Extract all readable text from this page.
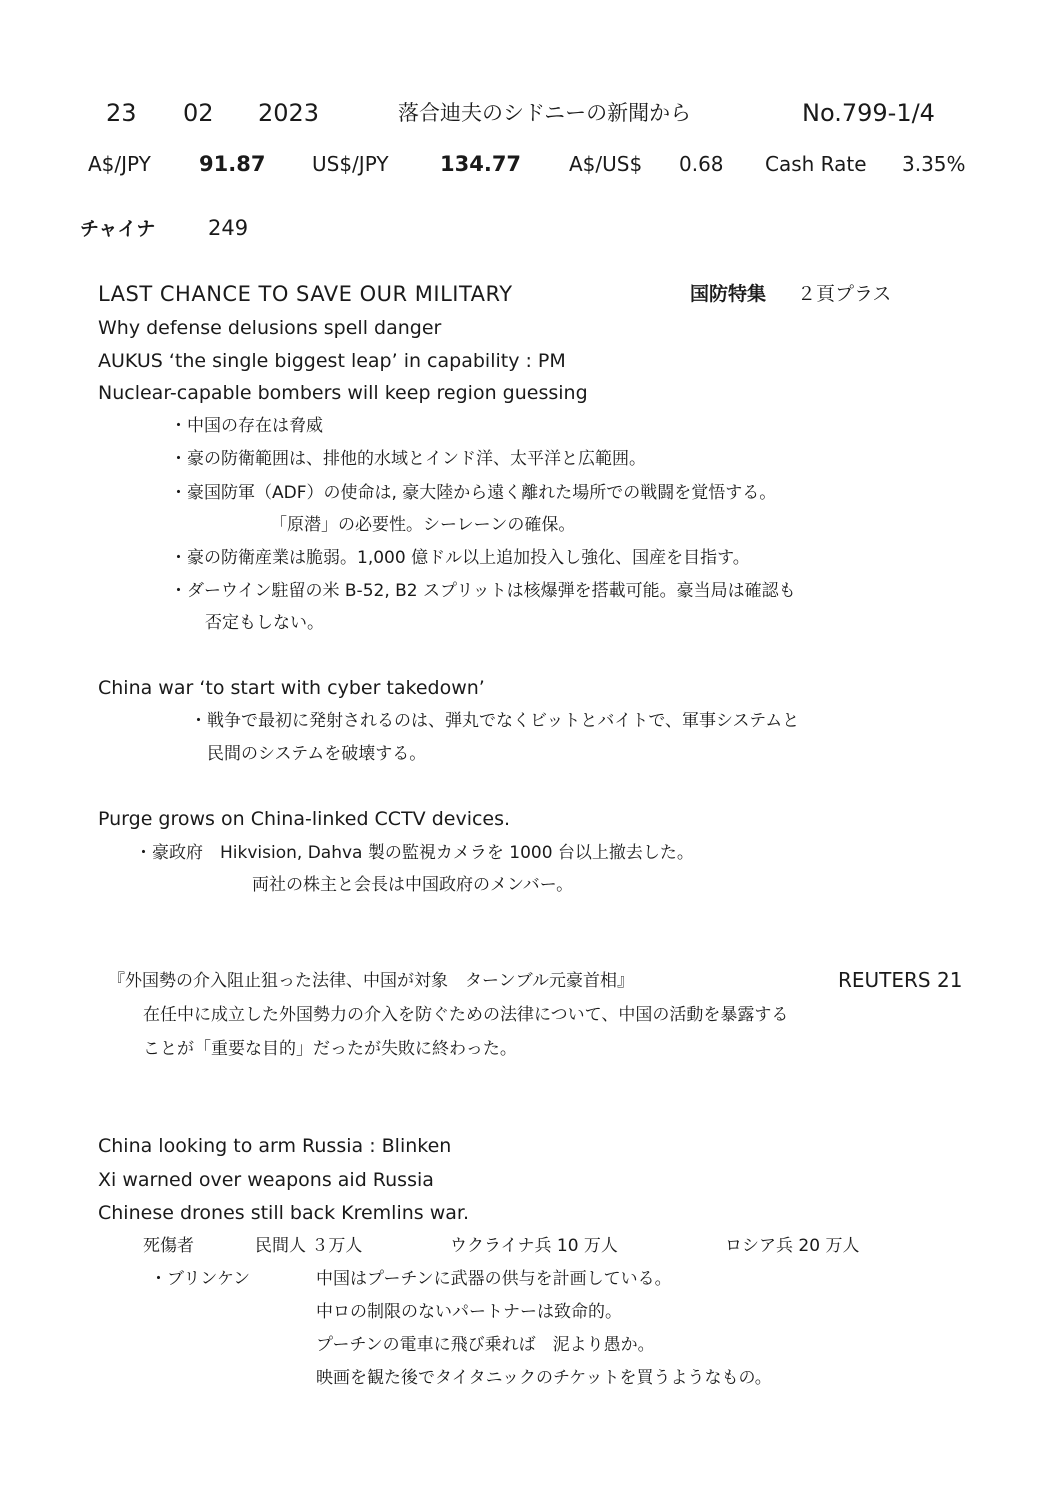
23 02 2023	落合迪夫のシドニーの新聞から	No.799-1/4
A$/JPY 91.87 US$/JPY 134.77 A$/US$ 0.68 Cash Rate 3.35%
チャイナ	249
LAST CHANCE TO SAVE OUR MILITARY	国防特集 ２頁プラス
Why defense delusions spell danger
AUKUS ‘the single biggest leap’ in capability : PM
Nuclear-capable bombers will keep region guessing
・中国の存在は脅威
・豪の防衛範囲は、排他的水域とインド洋、太平洋と広範囲。
・豪国防軍（ADF）の使命は, 豪大陸から遠く離れた場所での戦闘を覚悟する。
「原潜」の必要性。シーレーンの確保。
・豪の防衛産業は脆弱。1,000 億ドル以上追加投入し強化、国産を目指す。
・ダーウイン駐留の米 B-52, B2 スプリットは核爆弾を搭載可能。豪当局は確認も
否定もしない。
China war ‘to start with cyber takedown’
・戦争で最初に発射されるのは、弾丸でなくビットとバイトで、軍事システムと
民間のシステムを破壊する。
Purge grows on China-linked CCTV devices.
・豪政府　Hikvision, Dahva 製の監視カメラを 1000 台以上撤去した。
両社の株主と会長は中国政府のメンバー。
『外国勢の介入阻止狙った法律、中国が対象　ターンブル元豪首相』	REUTERS 21
在任中に成立した外国勢力の介入を防ぐための法律について、中国の活動を暴露する
ことが「重要な目的」だったが失敗に終わった。
China looking to arm Russia : Blinken
Xi warned over weapons aid Russia
Chinese drones still back Kremlins war.
死傷者	民間人 ３万人	ウクライナ兵 10 万人	ロシア兵 20 万人
・ブリンケン	中国はプーチンに武器の供与を計画している。
中ロの制限のないパートナーは致命的。
プーチンの電車に飛び乗れば　泥より愚か。
映画を観た後でタイタニックのチケットを買うようなもの。
